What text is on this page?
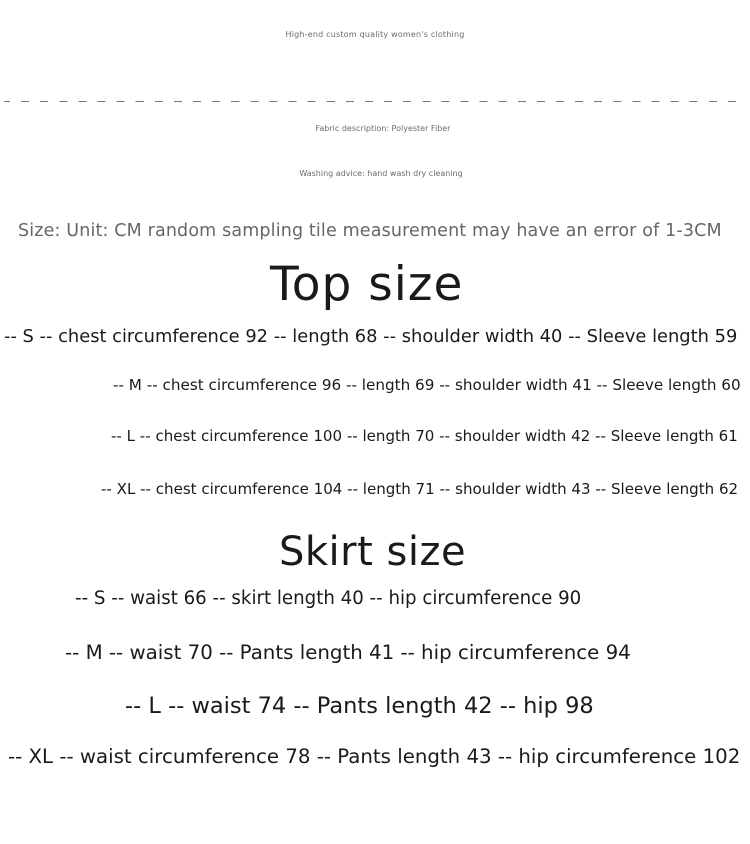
High-end custom quality women's clothing
Fabric description: Polyester Fiber
Washing advice: hand wash dry cleaning
Size: Unit: CM random sampling tile measurement may have an error of 1-3CM
Top size
-- S -- chest circumference 92 -- length 68 -- shoulder width 40 -- Sleeve length 59
-- M -- chest circumference 96 -- length 69 -- shoulder width 41 -- Sleeve length 60
-- L -- chest circumference 100 -- length 70 -- shoulder width 42 -- Sleeve length 61
-- XL -- chest circumference 104 -- length 71 -- shoulder width 43 -- Sleeve length 62
Skirt size
-- S -- waist 66 -- skirt length 40 -- hip circumference 90
-- M -- waist 70 -- Pants length 41 -- hip circumference 94
-- L -- waist 74 -- Pants length 42 -- hip 98
-- XL -- waist circumference 78 -- Pants length 43 -- hip circumference 102
